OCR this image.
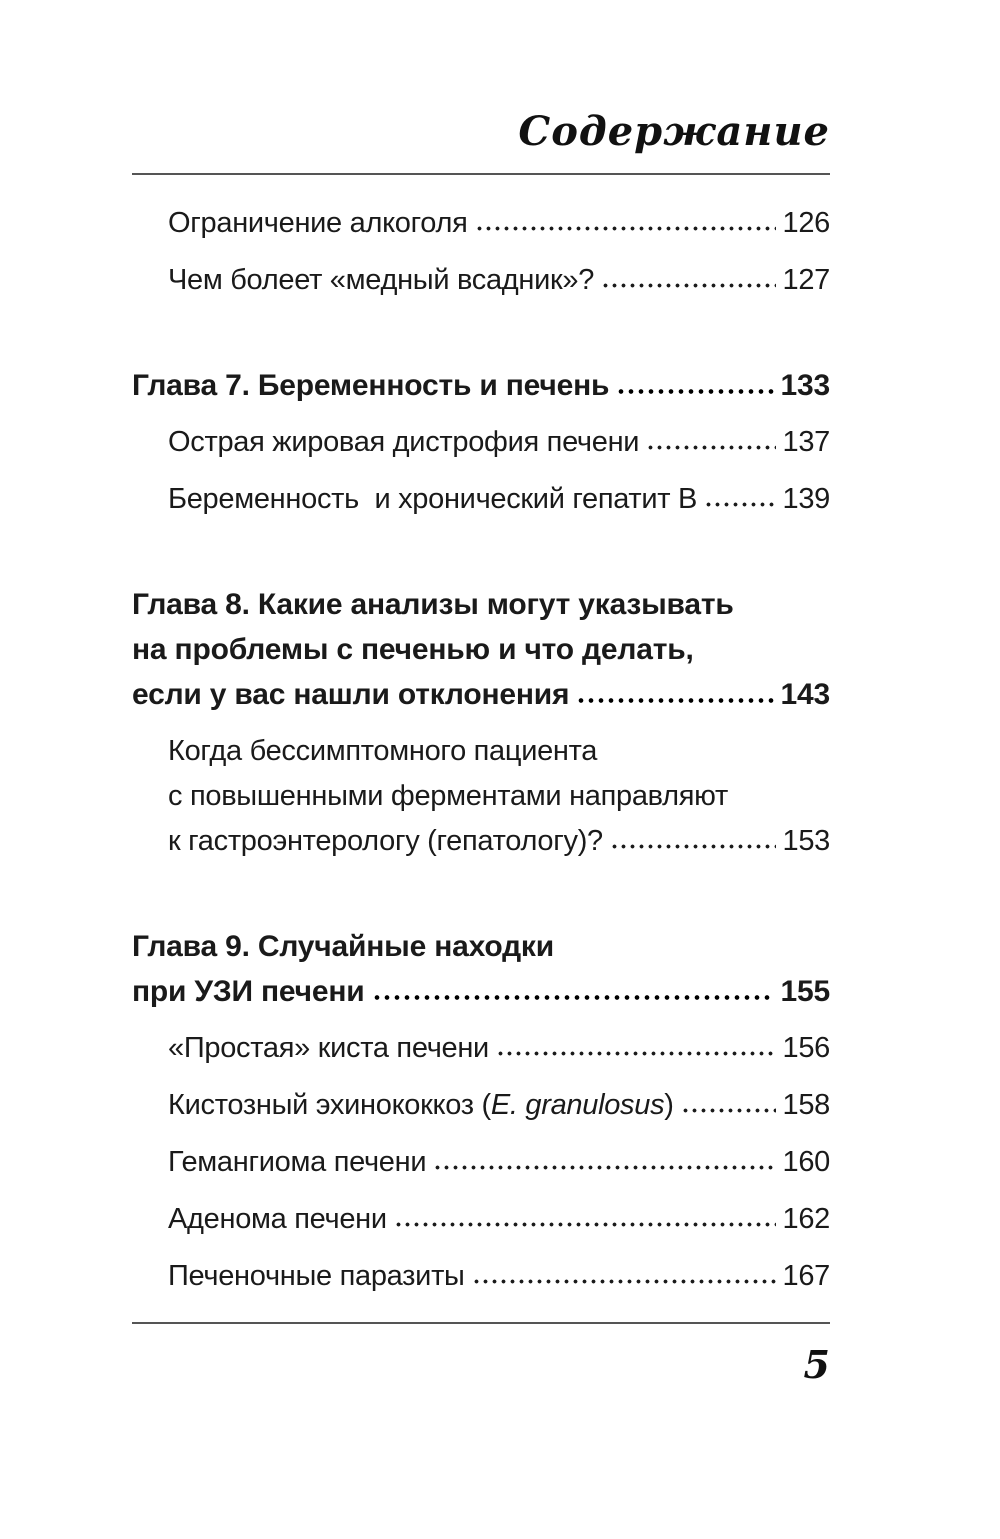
Содержание
Ограничение алкоголя	126
Чем болеет «медный всадник»?	127
Глава 7. Беременность и печень	133
Острая жировая дистрофия печени	137
Беременность  и хронический гепатит В	139
Глава 8. Какие анализы могут указывать
на проблемы с печенью и что делать,
если у вас нашли отклонения	143
Когда бессимптомного пациента
с повышенными ферментами направляют
к гастроэнтерологу (гепатологу)?	153
Глава 9. Случайные находки
при УЗИ печени	155
«Простая» киста печени	156
Кистозный эхинококкоз (E. granulosus)	158
Гемангиома печени	160
Аденома печени	162
Печеночные паразиты	167
5
